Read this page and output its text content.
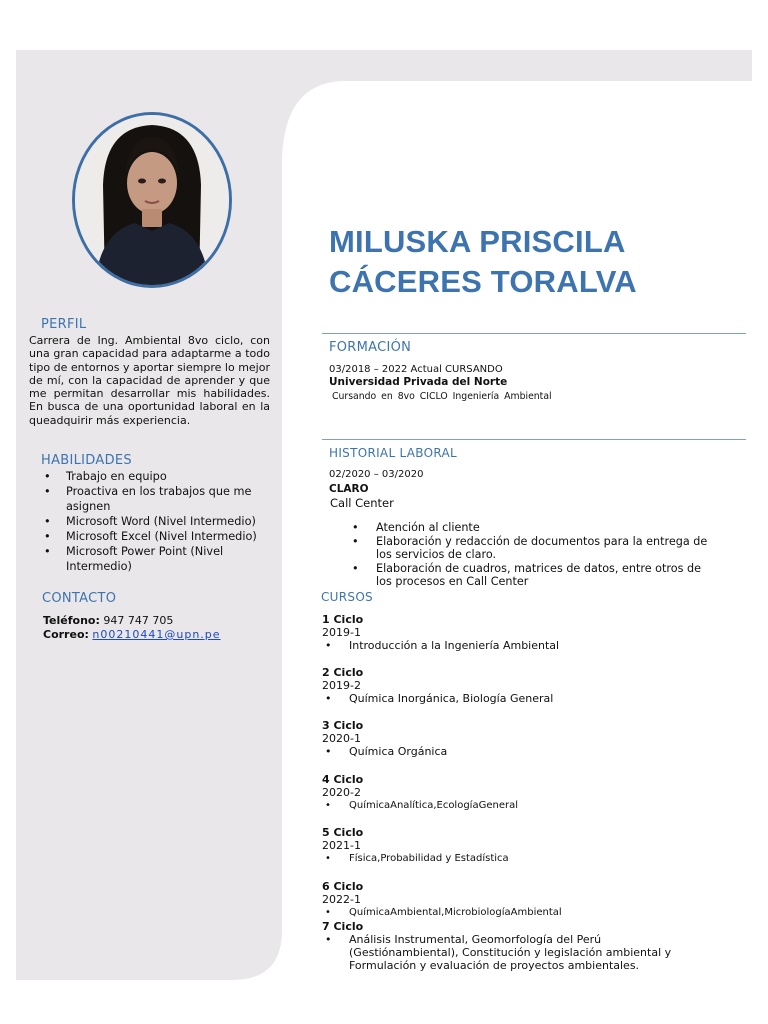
PERFIL
Carrera de Ing. Ambiental 8vo ciclo, con una gran capacidad para adaptarme a todo tipo de entornos y aportar siempre lo mejor de mí, con la capacidad de aprender y que me permitan desarrollar mis habilidades. En busca de una oportunidad laboral en la queadquirir más experiencia.
HABILIDADES
• Trabajo en equipo
• Proactiva en los trabajos que me asignen
• Microsoft Word (Nivel Intermedio)
• Microsoft Excel (Nivel Intermedio)
• Microsoft Power Point (Nivel Intermedio)
CONTACTO
Teléfono: 947 747 705
Correo: n00210441@upn.pe
MILUSKA PRISCILA
CÁCERES TORALVA
FORMACIÓN
03/2018 – 2022 Actual CURSANDO
Universidad Privada del Norte
Cursando en 8vo CICLO Ingeniería Ambiental
HISTORIAL LABORAL
02/2020 – 03/2020
CLARO
Call Center
• Atención al cliente
• Elaboración y redacción de documentos para la entrega de los servicios de claro.
• Elaboración de cuadros, matrices de datos, entre otros de los procesos en Call Center
CURSOS
1 Ciclo
2019-1
• Introducción a la Ingeniería Ambiental
2 Ciclo
2019-2
• Química Inorgánica, Biología General
3 Ciclo
2020-1
• Química Orgánica
4 Ciclo
2020-2
• QuímicaAnalítica,EcologíaGeneral
5 Ciclo
2021-1
• Física,Probabilidad y Estadística
6 Ciclo
2022-1
• QuímicaAmbiental,MicrobiologíaAmbiental
7 Ciclo
• Análisis Instrumental, Geomorfología del Perú (Gestiónambiental), Constitución y legislación ambiental y Formulación y evaluación de proyectos ambientales.
